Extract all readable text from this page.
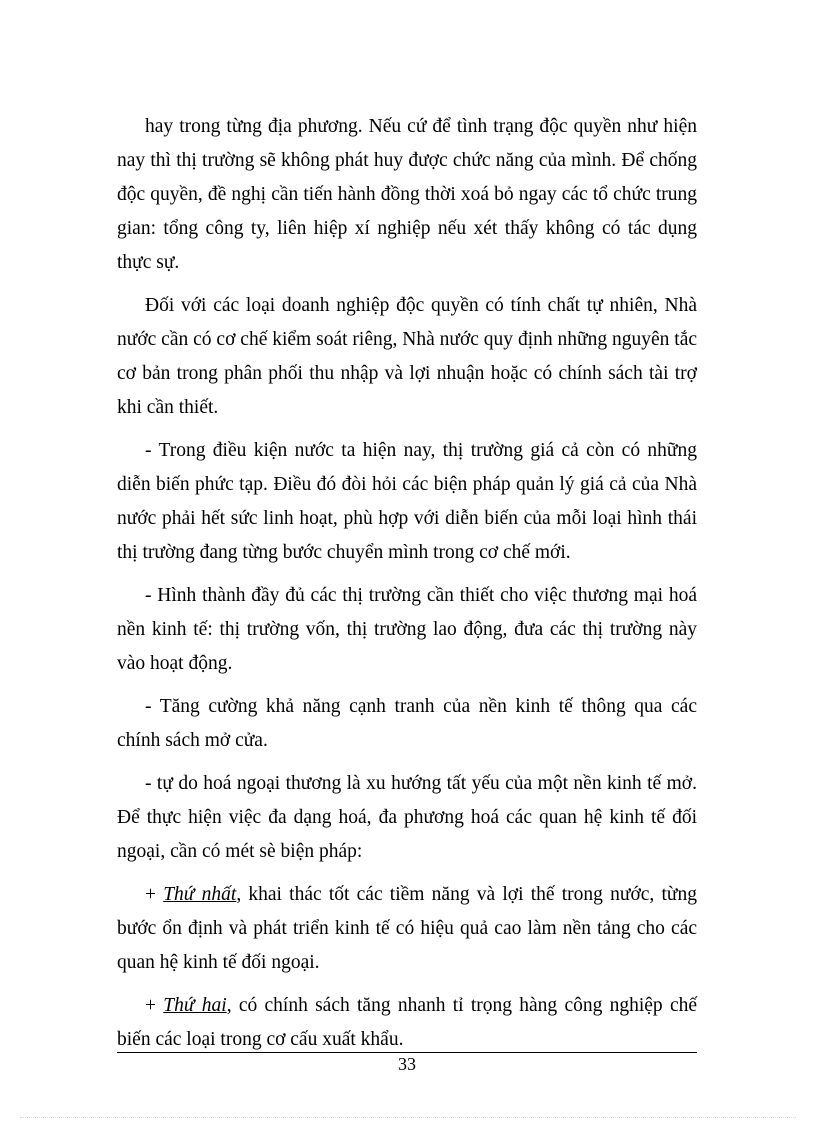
hay trong từng địa phương. Nếu cứ để tình trạng độc quyền như hiện nay thì thị trường sẽ không phát huy được chức năng của mình. Để chống độc quyền, đề nghị cần tiến hành đồng thời xoá bỏ ngay các tổ chức trung gian: tổng công ty, liên hiệp xí nghiệp nếu xét thấy không có tác dụng thực sự.

Đối với các loại doanh nghiệp độc quyền có tính chất tự nhiên, Nhà nước cần có cơ chế kiểm soát riêng, Nhà nước quy định những nguyên tắc cơ bản trong phân phối thu nhập và lợi nhuận hoặc có chính sách tài trợ khi cần thiết.

- Trong điều kiện nước ta hiện nay, thị trường giá cả còn có những diễn biến phức tạp. Điều đó đòi hỏi các biện pháp quản lý giá cả của Nhà nước phải hết sức linh hoạt, phù hợp với diễn biến của mỗi loại hình thái thị trường đang từng bước chuyển mình trong cơ chế mới.

- Hình thành đầy đủ các thị trường cần thiết cho việc thương mại hoá nền kinh tế: thị trường vốn, thị trường lao động, đưa các thị trường này vào hoạt động.

- Tăng cường khả năng cạnh tranh của nền kinh tế thông qua các chính sách mở cửa.

- tự do hoá ngoại thương là xu hướng tất yếu của một nền kinh tế mở. Để thực hiện việc đa dạng hoá, đa phương hoá các quan hệ kinh tế đối ngoại, cần có mét sè biện pháp:

+ Thứ nhất, khai thác tốt các tiềm năng và lợi thế trong nước, từng bước ổn định và phát triển kinh tế có hiệu quả cao làm nền tảng cho các quan hệ kinh tế đối ngoại.

+ Thứ hai, có chính sách tăng nhanh tỉ trọng hàng công nghiệp chế biến các loại trong cơ cấu xuất khẩu.

33
